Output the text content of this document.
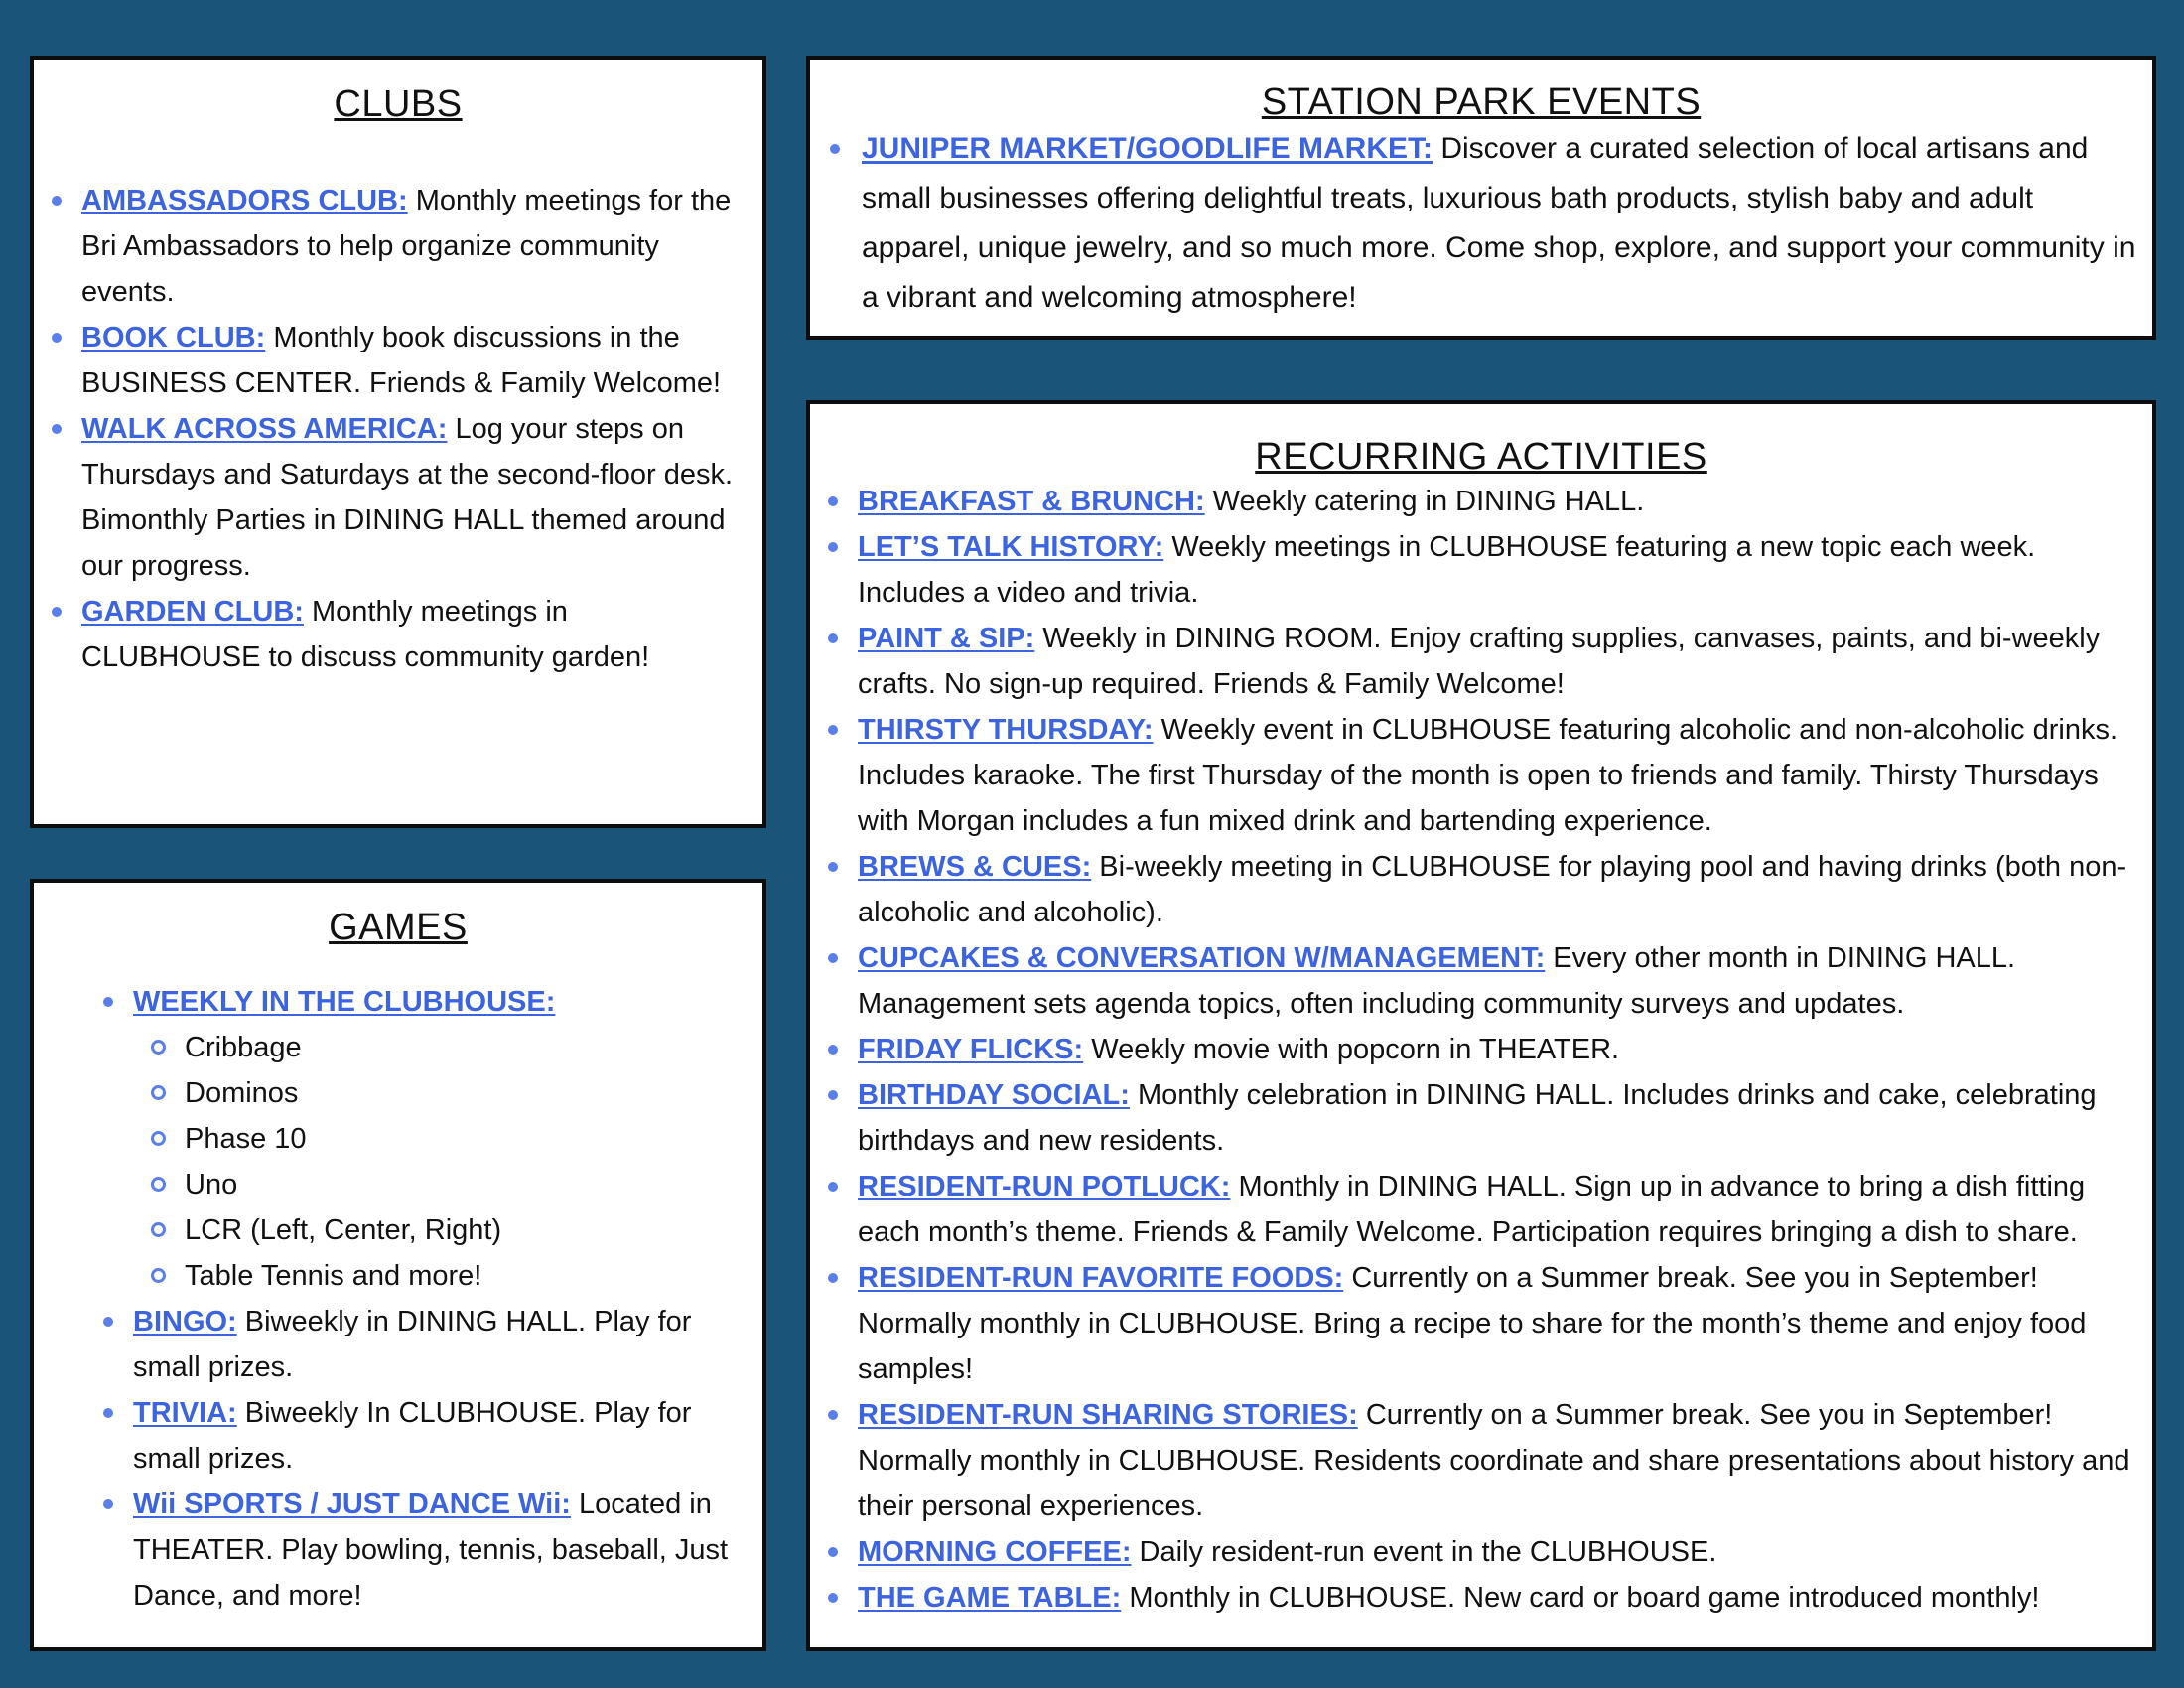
CLUBS
AMBASSADORS CLUB: Monthly meetings for the Bri Ambassadors to help organize community events.
BOOK CLUB: Monthly book discussions in the BUSINESS CENTER. Friends & Family Welcome!
WALK ACROSS AMERICA: Log your steps on Thursdays and Saturdays at the second-floor desk. Bimonthly Parties in DINING HALL themed around our progress.
GARDEN CLUB: Monthly meetings in CLUBHOUSE to discuss community garden!
GAMES
WEEKLY IN THE CLUBHOUSE:
Cribbage
Dominos
Phase 10
Uno
LCR (Left, Center, Right)
Table Tennis and more!
BINGO: Biweekly in DINING HALL. Play for small prizes.
TRIVIA: Biweekly In CLUBHOUSE. Play for small prizes.
Wii SPORTS / JUST DANCE Wii: Located in THEATER. Play bowling, tennis, baseball, Just Dance, and more!
STATION PARK EVENTS
JUNIPER MARKET/GOODLIFE MARKET: Discover a curated selection of local artisans and small businesses offering delightful treats, luxurious bath products, stylish baby and adult apparel, unique jewelry, and so much more. Come shop, explore, and support your community in a vibrant and welcoming atmosphere!
RECURRING ACTIVITIES
BREAKFAST & BRUNCH: Weekly catering in DINING HALL.
LET’S TALK HISTORY: Weekly meetings in CLUBHOUSE featuring a new topic each week. Includes a video and trivia.
PAINT & SIP: Weekly in DINING ROOM. Enjoy crafting supplies, canvases, paints, and bi-weekly crafts. No sign-up required. Friends & Family Welcome!
THIRSTY THURSDAY: Weekly event in CLUBHOUSE featuring alcoholic and non-alcoholic drinks. Includes karaoke. The first Thursday of the month is open to friends and family. Thirsty Thursdays with Morgan includes a fun mixed drink and bartending experience.
BREWS & CUES: Bi-weekly meeting in CLUBHOUSE for playing pool and having drinks (both non-alcoholic and alcoholic).
CUPCAKES & CONVERSATION W/MANAGEMENT: Every other month in DINING HALL. Management sets agenda topics, often including community surveys and updates.
FRIDAY FLICKS: Weekly movie with popcorn in THEATER.
BIRTHDAY SOCIAL: Monthly celebration in DINING HALL. Includes drinks and cake, celebrating birthdays and new residents.
RESIDENT-RUN POTLUCK: Monthly in DINING HALL. Sign up in advance to bring a dish fitting each month’s theme. Friends & Family Welcome. Participation requires bringing a dish to share.
RESIDENT-RUN FAVORITE FOODS: Currently on a Summer break. See you in September! Normally monthly in CLUBHOUSE. Bring a recipe to share for the month’s theme and enjoy food samples!
RESIDENT-RUN SHARING STORIES: Currently on a Summer break. See you in September! Normally monthly in CLUBHOUSE. Residents coordinate and share presentations about history and their personal experiences.
MORNING COFFEE: Daily resident-run event in the CLUBHOUSE.
THE GAME TABLE: Monthly in CLUBHOUSE. New card or board game introduced monthly!
